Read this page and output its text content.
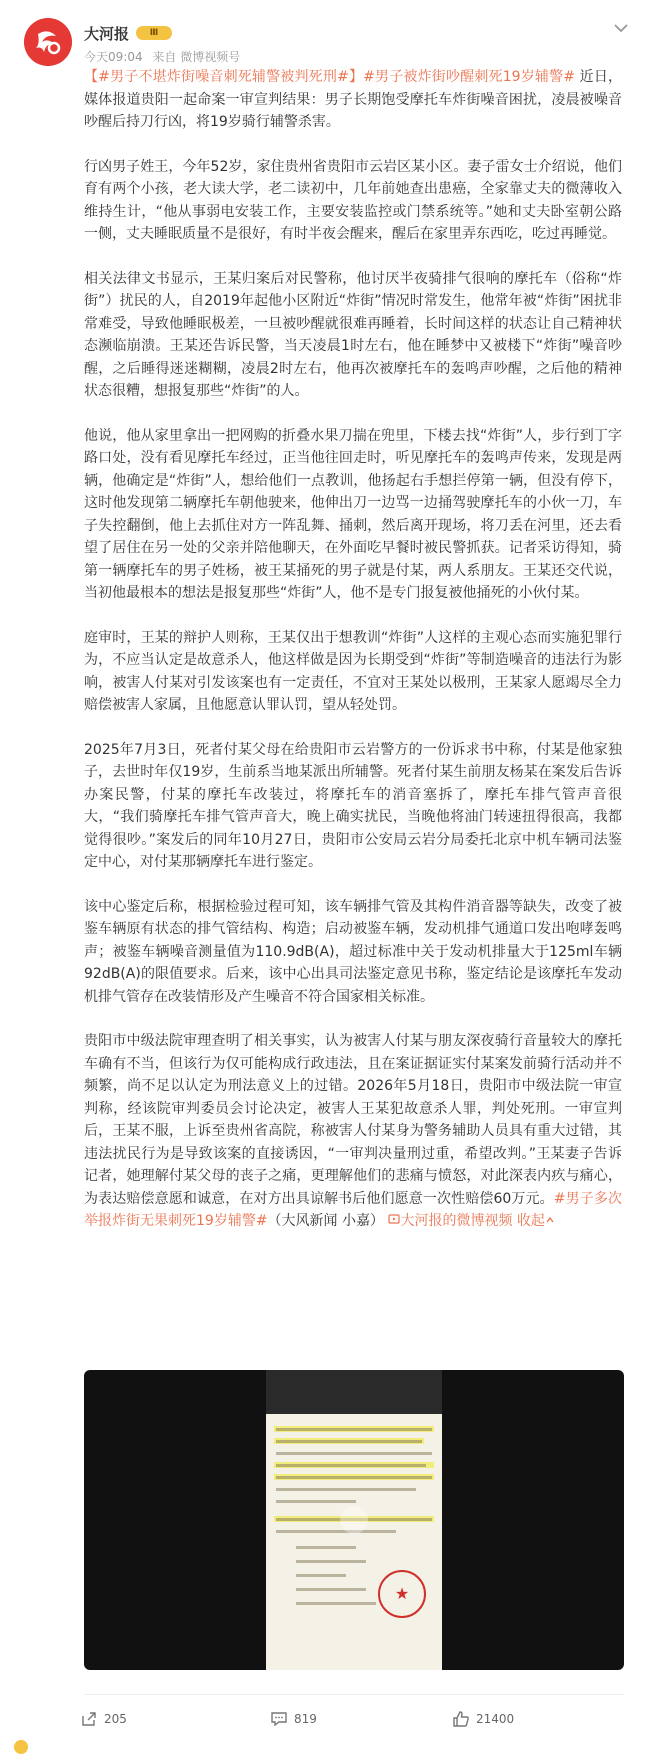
大河报	Ⅲ
今天09:04 来自 微博视频号

【#男子不堪炸街噪音刺死辅警被判死刑#】#男子被炸街吵醒刺死19岁辅警# 近日，媒体报道贵阳一起命案一审宣判结果：男子长期饱受摩托车炸街噪音困扰，凌晨被噪音吵醒后持刀行凶，将19岁骑行辅警杀害。

行凶男子姓王，今年52岁，家住贵州省贵阳市云岩区某小区。妻子雷女士介绍说，他们育有两个小孩，老大读大学，老二读初中，几年前她查出患癌，全家靠丈夫的微薄收入维持生计，“他从事弱电安装工作，主要安装监控或门禁系统等。”她和丈夫卧室朝公路一侧，丈夫睡眠质量不是很好，有时半夜会醒来，醒后在家里弄东西吃，吃过再睡觉。

相关法律文书显示，王某归案后对民警称，他讨厌半夜骑排气很响的摩托车（俗称“炸街”）扰民的人，自2019年起他小区附近“炸街”情况时常发生，他常年被“炸街”困扰非常难受，导致他睡眠极差，一旦被吵醒就很难再睡着，长时间这样的状态让自己精神状态濒临崩溃。王某还告诉民警，当天凌晨1时左右，他在睡梦中又被楼下“炸街”噪音吵醒，之后睡得迷迷糊糊，凌晨2时左右，他再次被摩托车的轰鸣声吵醒，之后他的精神状态很糟，想报复那些“炸街”的人。

他说，他从家里拿出一把网购的折叠水果刀揣在兜里，下楼去找“炸街”人，步行到丁字路口处，没有看见摩托车经过，正当他往回走时，听见摩托车的轰鸣声传来，发现是两辆，他确定是“炸街”人，想给他们一点教训，他扬起右手想拦停第一辆，但没有停下，这时他发现第二辆摩托车朝他驶来，他伸出刀一边骂一边捅驾驶摩托车的小伙一刀，车子失控翻倒，他上去抓住对方一阵乱舞、捅刺，然后离开现场，将刀丢在河里，还去看望了居住在另一处的父亲并陪他聊天，在外面吃早餐时被民警抓获。记者采访得知，骑第一辆摩托车的男子姓杨，被王某捅死的男子就是付某，两人系朋友。王某还交代说，当初他最根本的想法是报复那些“炸街”人，他不是专门报复被他捅死的小伙付某。

庭审时，王某的辩护人则称，王某仅出于想教训“炸街”人这样的主观心态而实施犯罪行为，不应当认定是故意杀人，他这样做是因为长期受到“炸街”等制造噪音的违法行为影响，被害人付某对引发该案也有一定责任，不宜对王某处以极刑，王某家人愿竭尽全力赔偿被害人家属，且他愿意认罪认罚，望从轻处罚。

2025年7月3日，死者付某父母在给贵阳市云岩警方的一份诉求书中称，付某是他家独子，去世时年仅19岁，生前系当地某派出所辅警。死者付某生前朋友杨某在案发后告诉办案民警，付某的摩托车改装过，将摩托车的消音塞拆了，摩托车排气管声音很大，“我们骑摩托车排气管声音大，晚上确实扰民，当晚他将油门转速扭得很高，我都觉得很吵。”案发后的同年10月27日，贵阳市公安局云岩分局委托北京中机车辆司法鉴定中心，对付某那辆摩托车进行鉴定。

该中心鉴定后称，根据检验过程可知，该车辆排气管及其构件消音器等缺失，改变了被鉴车辆原有状态的排气管结构、构造；启动被鉴车辆，发动机排气通道口发出咆哮轰鸣声；被鉴车辆噪音测量值为110.9dB(A)，超过标准中关于发动机排量大于125ml车辆92dB(A)的限值要求。后来，该中心出具司法鉴定意见书称，鉴定结论是该摩托车发动机排气管存在改装情形及产生噪音不符合国家相关标准。

贵阳市中级法院审理查明了相关事实，认为被害人付某与朋友深夜骑行音量较大的摩托车确有不当，但该行为仅可能构成行政违法，且在案证据证实付某案发前骑行活动并不频繁，尚不足以认定为刑法意义上的过错。2026年5月18日，贵阳市中级法院一审宣判称，经该院审判委员会讨论决定，被害人王某犯故意杀人罪，判处死刑。一审宣判后，王某不服，上诉至贵州省高院，称被害人付某身为警务辅助人员具有重大过错，其违法扰民行为是导致该案的直接诱因，“一审判决量刑过重，希望改判。”王某妻子告诉记者，她理解付某父母的丧子之痛，更理解他们的悲痛与愤怒，对此深表内疚与痛心，为表达赔偿意愿和诚意，在对方出具谅解书后他们愿意一次性赔偿60万元。#男子多次举报炸街无果刺死19岁辅警#（大风新闻 小嘉） 大河报的微博视频 收起

★
205	819	21400
